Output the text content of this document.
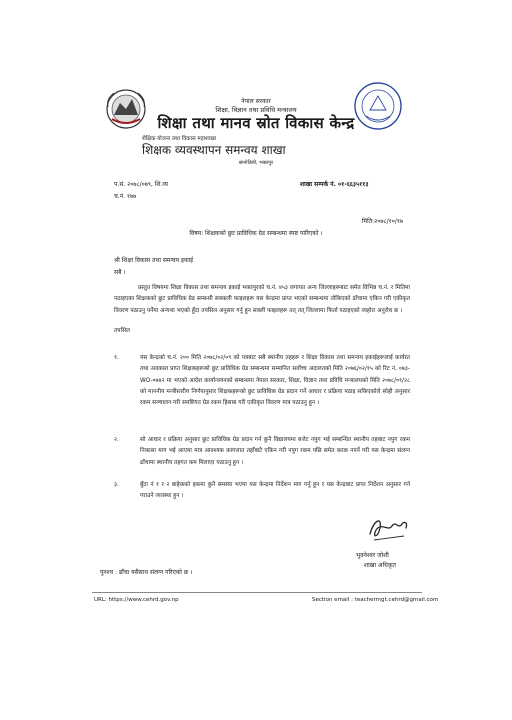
नेपाल सरकार
शिक्षा, विज्ञान तथा प्रविधि मन्त्रालय
शिक्षा तथा मानव स्रोत विकास केन्द्र
शैक्षिक योजना तथा विकास महाशाखा
शिक्षक व्यवस्थापन समन्वय शाखा
सानोठिमी, भक्तपुर
प.सं. २०७८/०७९, शि.व्य
च.नं. १७७
शाखा सम्पर्क नं. ०१-६६३५११३
मिति:२०७८/१०/१७
विषय: शिक्षकको छुट प्राविधिक ग्रेड सम्बन्धमा स्पष्ट पारिएको ।
श्री शिक्षा विकास तथा समन्वय इकाई
सबै ।
प्रस्तुत विषयमा शिक्षा विकास तथा समन्वय इकाई भक्तपुरको च.नं. ४५३ लगायत अन्य जिल्लाहरूबाट समेत विभिन्न च.नं. र मितिमा पठाइएका शिक्षकको छुट प्राविधिक ग्रेड सम्बन्धी सक्कली फाइलहरू यस केन्द्रमा प्राप्त भएको सम्बन्धमा तोकिएको ढाँचामा एकिन गरी एकीकृत विवरण पठाउनु पर्नेमा अन्यथा भएको हुँदा तपसिल अनुसार गर्नु हुन सक्ली फाइलहरू तत् तत् जिल्लामा फिर्ता पठाइएको व्यहोरा अनुरोध छ ।
तपसिल
१.	यस केन्द्रको च.नं. २०० मिति २०७८/०२/०९ को पत्रबाट सबै स्थानीय तहहरू र शिक्षा विकास तथा समन्वय इकाईहरूलाई कार्यरत तथा अवकाश प्राप्त शिक्षकहरूको छुट प्राविधिक ग्रेड सम्बन्धमा सम्मानित सर्वोच्च अदालतको मिति २०७६/०२/१५ को रिट नं. ०७३-WO-०७४२ मा भएको आदेश कार्यान्वयनको सम्बन्धमा नेपाल सरकार, शिक्षा, विज्ञान तथा प्रविधि मन्त्रालयको मिति २०७८/०१/२८ को माननीय मन्त्रीस्तरीय निर्णयानुसार शिक्षकहरूको छुट प्राविधिक ग्रेड प्रदान गर्ने आधार र प्रक्रिया पठाइ सकिएकोले सोही अनुसार रकम सञ्चालन गरी समष्टिगत ग्रेड रकम हिसाब गरी एकीकृत विवरण मात्र पठाउनु हुन ।
२.	सो आधार र प्रक्रिया अनुसार छुट प्राविधिक ग्रेड प्रदान गर्न कुनै विद्यालयमा बजेट नपुग भई सम्बन्धित स्थानीय तहबाट नपुग रकम निकासा माग भई आएमा मात्र आवश्यक कागजात तहाँबाटै एकिन गरी नपुग रकम पछि समेत करक नपर्ने गरी यस केन्द्रमा संलग्न ढाँचामा स्थानीय तहगत कम मिलाएर पठाउनु हुन ।
३.	बुँदा नं १ र २ बाहेकको हकमा कुनै समस्या भएमा यस केन्द्रमा निर्देशन माग गर्नु हुन र यस केन्द्रबाट प्राप्त निर्देशन अनुसार गर्न गराउने व्यवस्था हुन ।
भुवनेश्वर जोशी
शाखा अधिकृत
पुनश्च : ढाँचा यसैसाथ संलग्न गरिएको छ ।
URL: https://www.cehrd.gov.np	Section email : teachermgt.cehrd@gmail.com
